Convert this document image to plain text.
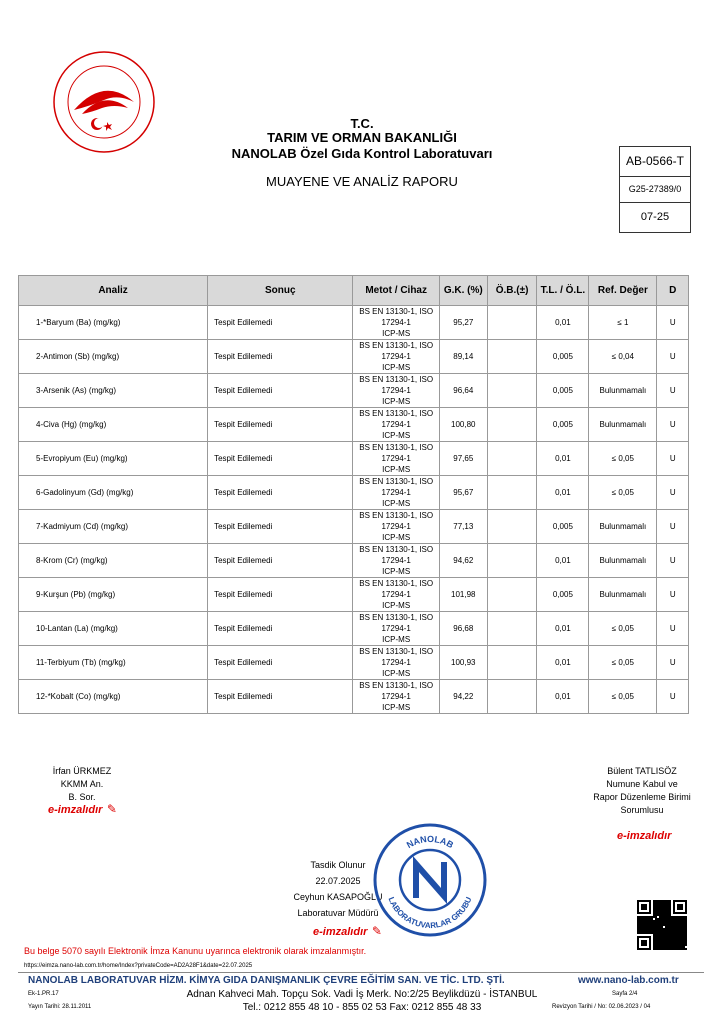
T.C.
TARIM VE ORMAN BAKANLIĞI
NANOLAB Özel Gıda Kontrol Laboratuvarı
MUAYENE VE ANALİZ RAPORU
AB-0566-T
G25-27389/0
07-25
Analiz	Sonuç	Metot / Cihaz	G.K. (%)	Ö.B.(±)	T.L. / Ö.L.	Ref. Değer	D
1-*Baryum (Ba) (mg/kg)	Tespit Edilemedi	BS EN 13130-1, ISO
17294-1
ICP-MS	95,27		0,01	≤ 1	U
2-Antimon (Sb) (mg/kg)	Tespit Edilemedi	BS EN 13130-1, ISO
17294-1
ICP-MS	89,14		0,005	≤ 0,04	U
3-Arsenik (As) (mg/kg)	Tespit Edilemedi	BS EN 13130-1, ISO
17294-1
ICP-MS	96,64		0,005	Bulunmamalı	U
4-Civa (Hg) (mg/kg)	Tespit Edilemedi	BS EN 13130-1, ISO
17294-1
ICP-MS	100,80		0,005	Bulunmamalı	U
5-Evropiyum (Eu) (mg/kg)	Tespit Edilemedi	BS EN 13130-1, ISO
17294-1
ICP-MS	97,65		0,01	≤ 0,05	U
6-Gadolinyum (Gd) (mg/kg)	Tespit Edilemedi	BS EN 13130-1, ISO
17294-1
ICP-MS	95,67		0,01	≤ 0,05	U
7-Kadmiyum (Cd) (mg/kg)	Tespit Edilemedi	BS EN 13130-1, ISO
17294-1
ICP-MS	77,13		0,005	Bulunmamalı	U
8-Krom (Cr) (mg/kg)	Tespit Edilemedi	BS EN 13130-1, ISO
17294-1
ICP-MS	94,62		0,01	Bulunmamalı	U
9-Kurşun (Pb) (mg/kg)	Tespit Edilemedi	BS EN 13130-1, ISO
17294-1
ICP-MS	101,98		0,005	Bulunmamalı	U
10-Lantan (La) (mg/kg)	Tespit Edilemedi	BS EN 13130-1, ISO
17294-1
ICP-MS	96,68		0,01	≤ 0,05	U
11-Terbiyum (Tb) (mg/kg)	Tespit Edilemedi	BS EN 13130-1, ISO
17294-1
ICP-MS	100,93		0,01	≤ 0,05	U
12-*Kobalt (Co) (mg/kg)	Tespit Edilemedi	BS EN 13130-1, ISO
17294-1
ICP-MS	94,22		0,01	≤ 0,05	U
İrfan ÜRKMEZ
KKMM An.
B. Sor.
e-imzalıdır ✎
Bülent TATLISÖZ
Numune Kabul ve
Rapor Düzenleme Birimi
Sorumlusu
e-imzalıdır
Tasdik Olunur
22.07.2025
Ceyhun KASAPOĞLU
Laboratuvar Müdürü
e-imzalıdır ✎
NANOLAB
LABORATUVARLAR GRUBU
Bu belge 5070 sayılı Elektronik İmza Kanunu uyarınca elektronik olarak imzalanmıştır.
https://eimza.nano-lab.com.tr/home/Index?privateCode=AD2A28F1&date=22.07.2025
NANOLAB LABORATUVAR HİZM. KİMYA GIDA DANIŞMANLIK ÇEVRE EĞİTİM SAN. VE TİC. LTD. ŞTİ.	www.nano-lab.com.tr
Ek-1.PR.17
Yayın Tarihi: 28.11.2011
Adnan Kahveci Mah. Topçu Sok. Vadi İş Merk. No:2/25 Beylikdüzü - İSTANBUL
Tel.: 0212 855 48 10 - 855 02 53 Fax: 0212 855 48 33
Sayfa 2/4
Revizyon Tarihi / No: 02.06.2023 / 04
